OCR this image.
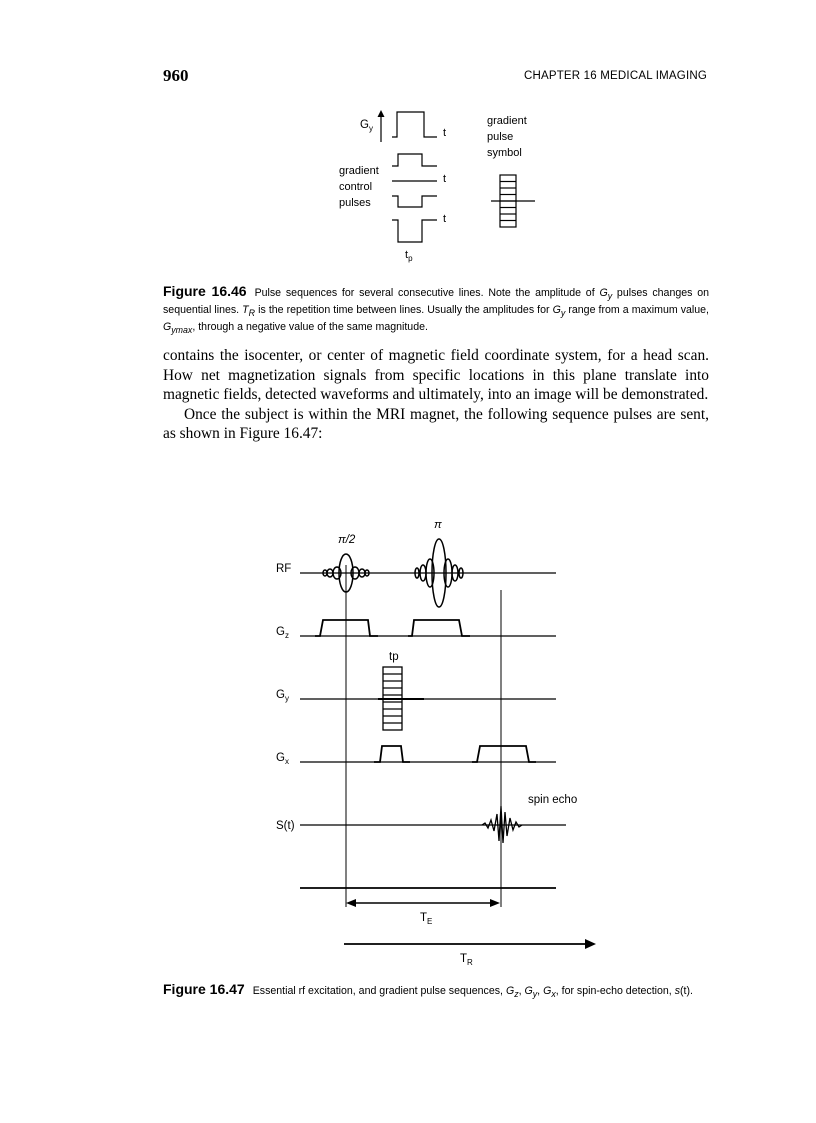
960	CHAPTER 16 MEDICAL IMAGING
$G_y$	t
t
t
gradient
control
pulses
gradient
pulse
symbol
$t_p$
Figure 16.46 Pulse sequences for several consecutive lines. Note the amplitude of $G_y$ pulses changes on sequential lines. $T_R$ is the repetition time between lines. Usually the amplitudes for $G_y$ range from a maximum value, $G_{ymax}$, through a negative value of the same magnitude.

contains the isocenter, or center of magnetic field coordinate system, for a head scan. How net magnetization signals from specific locations in this plane translate into magnetic fields, detected waveforms and ultimately, into an image will be demonstrated.

Once the subject is within the MRI magnet, the following sequence pulses are sent, as shown in Figure 16.47:

π/2
π
RF
$G_z$
$G_y$
$G_x$
S(t)
tp
spin echo
$T_E$
$T_R$
Figure 16.47 Essential rf excitation, and gradient pulse sequences, $G_z$, $G_y$, $G_x$, for spin-echo detection, s(t).
